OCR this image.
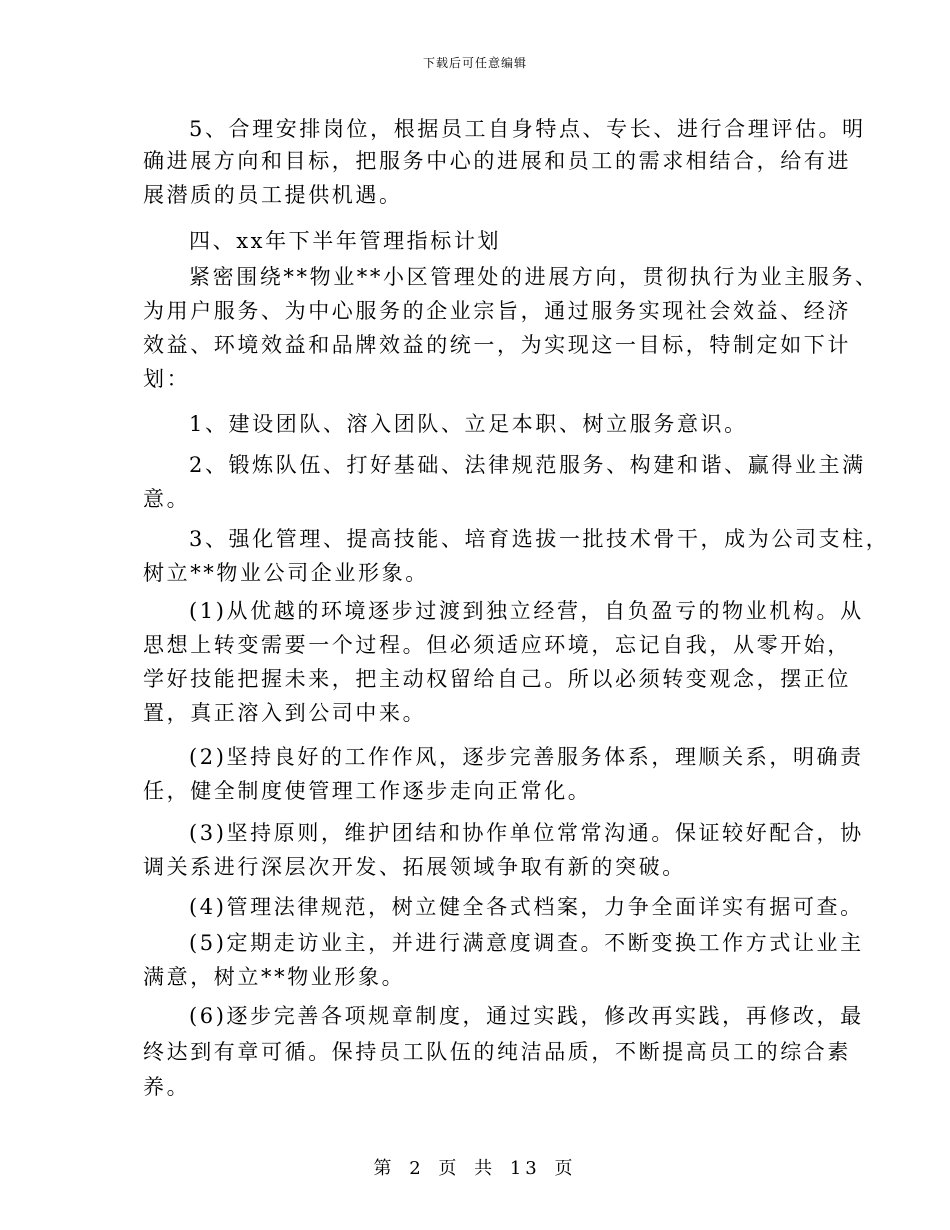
下载后可任意编辑
5、合理安排岗位，根据员工自身特点、专长、进行合理评估。明
确进展方向和目标，把服务中心的进展和员工的需求相结合，给有进
展潜质的员工提供机遇。
四、xx年下半年管理指标计划
紧密围绕**物业**小区管理处的进展方向，贯彻执行为业主服务、
为用户服务、为中心服务的企业宗旨，通过服务实现社会效益、经济
效益、环境效益和品牌效益的统一，为实现这一目标，特制定如下计
划：
1、建设团队、溶入团队、立足本职、树立服务意识。
2、锻炼队伍、打好基础、法律规范服务、构建和谐、赢得业主满
意。
3、强化管理、提高技能、培育选拔一批技术骨干，成为公司支柱，
树立**物业公司企业形象。
(1)从优越的环境逐步过渡到独立经营，自负盈亏的物业机构。从
思想上转变需要一个过程。但必须适应环境，忘记自我，从零开始，
学好技能把握未来，把主动权留给自己。所以必须转变观念，摆正位
置，真正溶入到公司中来。
(2)坚持良好的工作作风，逐步完善服务体系，理顺关系，明确责
任，健全制度使管理工作逐步走向正常化。
(3)坚持原则，维护团结和协作单位常常沟通。保证较好配合，协
调关系进行深层次开发、拓展领域争取有新的突破。
(4)管理法律规范，树立健全各式档案，力争全面详实有据可查。
(5)定期走访业主，并进行满意度调查。不断变换工作方式让业主
满意，树立**物业形象。
(6)逐步完善各项规章制度，通过实践，修改再实践，再修改，最
终达到有章可循。保持员工队伍的纯洁品质，不断提高员工的综合素
养。
第 2 页 共 13 页
